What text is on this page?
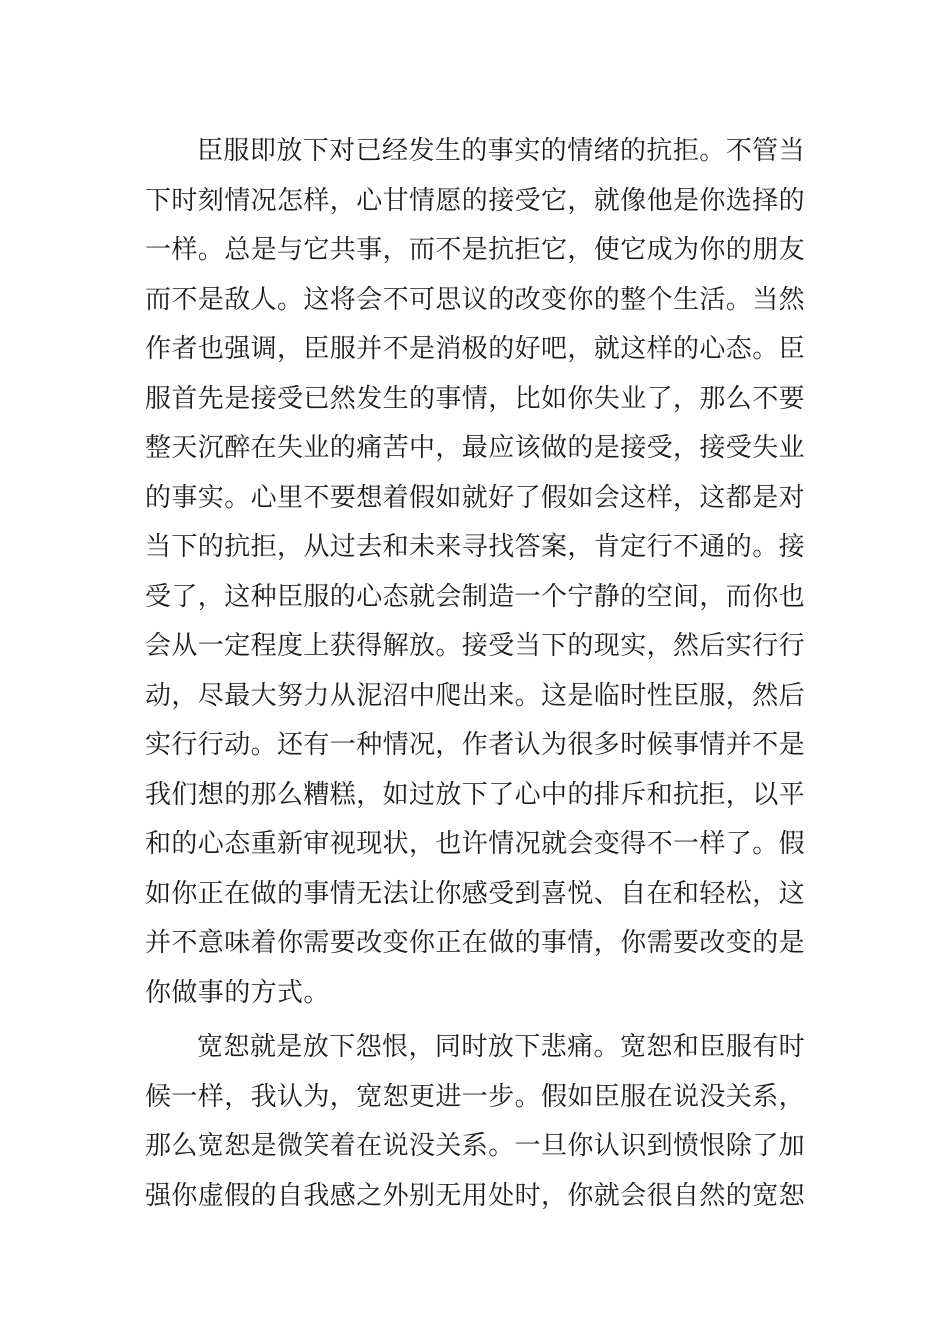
臣服即放下对已经发生的事实的情绪的抗拒。不管当
下时刻情况怎样，心甘情愿的接受它，就像他是你选择的
一样。总是与它共事，而不是抗拒它，使它成为你的朋友
而不是敌人。这将会不可思议的改变你的整个生活。当然
作者也强调，臣服并不是消极的好吧，就这样的心态。臣
服首先是接受已然发生的事情，比如你失业了，那么不要
整天沉醉在失业的痛苦中，最应该做的是接受，接受失业
的事实。心里不要想着假如就好了假如会这样，这都是对
当下的抗拒，从过去和未来寻找答案，肯定行不通的。接
受了，这种臣服的心态就会制造一个宁静的空间，而你也
会从一定程度上获得解放。接受当下的现实，然后实行行
动，尽最大努力从泥沼中爬出来。这是临时性臣服，然后
实行行动。还有一种情况，作者认为很多时候事情并不是
我们想的那么糟糕，如过放下了心中的排斥和抗拒，以平
和的心态重新审视现状，也许情况就会变得不一样了。假
如你正在做的事情无法让你感受到喜悦、自在和轻松，这
并不意味着你需要改变你正在做的事情，你需要改变的是
你做事的方式。
宽恕就是放下怨恨，同时放下悲痛。宽恕和臣服有时
候一样，我认为，宽恕更进一步。假如臣服在说没关系，
那么宽恕是微笑着在说没关系。一旦你认识到愤恨除了加
强你虚假的自我感之外别无用处时，你就会很自然的宽恕
